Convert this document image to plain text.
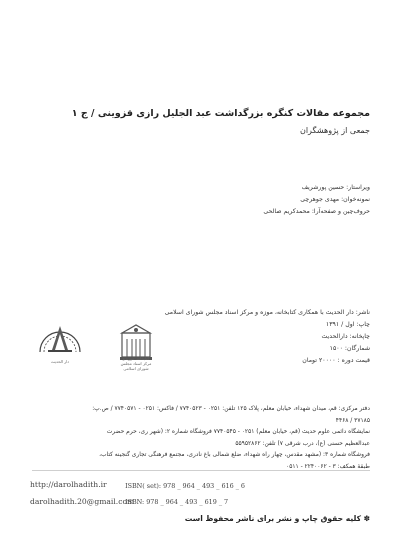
مجموعه مقالات کنگره بزرگداشت عبد الجلیل رازی قزوینی / ج ۱
جمعی از پژوهشگران
ویراستار: حسین پورشریف
نمونه‌خوان: مهدی جوهرچی
حروف‌چین و صفحه‌آرا: محمدکریم صالحی
ناشر: دار الحدیث با همکاری کتابخانه، موزه و مرکز اسناد مجلس شورای اسلامی
چاپ: اول / ۱۳۹۱
چاپخانه: دارالحدیث
شمارگان: ۱۵۰۰
قیمت دوره : ۲۰۰۰۰ تومان
کتابخانه، موزه و مرکز اسناد مجلس شورای اسلامی
دار الحدیث
دفتر مرکزی: قم، میدان شهداء، خیابان معلم، پلاک ۱۲۵ تلفن: ۰۲۵۱ - ۷۷۴۰۵۲۳ / فاکس: ۰۲۵۱ - ۷۷۴۰۵۷۱ / ص.پ:
۳۷۱۸۵ / ۴۴۶۸
نمایشگاه دائمی علوم حدیث (قم، خیابان معلم) ۰۲۵۱ - ۷۷۴۰۵۴۵ فروشگاه شماره ۲: (شهر ری، حرم حضرت
عبدالعظیم حسنی (ع)، درب شرقی ۷) تلفن: ۵۵۹۵۲۸۶۲
فروشگاه شماره ۳: (مشهد مقدس، چهار راه شهداء، ضلع شمالی باغ نادری، مجتمع فرهنگی تجاری گنجینه کتاب،
طبقهٔ همکف: ۳ - ۲۲۴۰۰۶۲ - ۰۵۱۱
http://darolhadith.ir
darolhadith.20@gmail.com
ISBN( set): 978 _ 964 _ 493 _ 616 _ 6
ISBN: 978 _ 964 _ 493 _ 619 _ 7
✽ کلیه حقوق چاپ و نشر برای ناشر محفوظ است
